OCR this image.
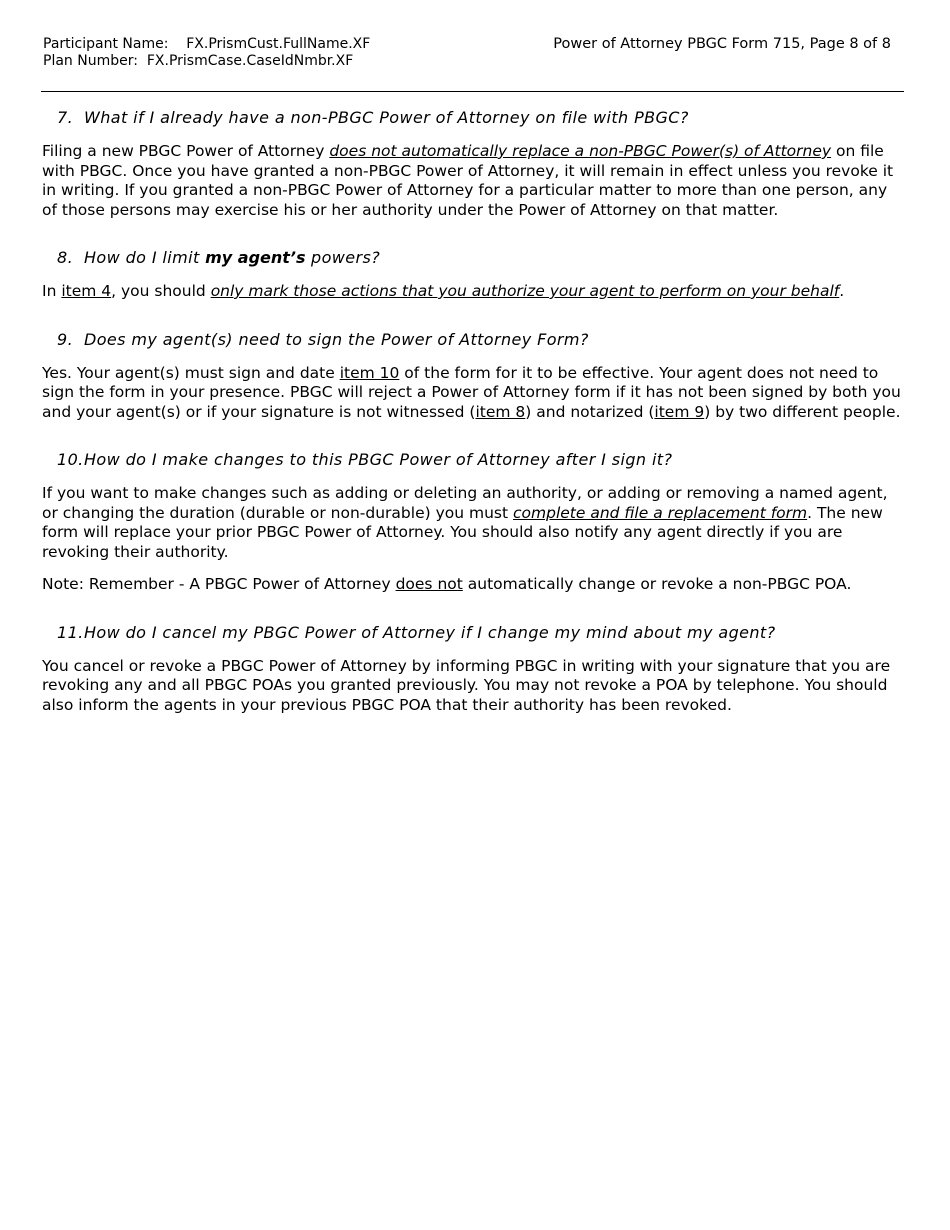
Participant Name: FX.PrismCust.FullName.XF
Plan Number: FX.PrismCase.CaseIdNmbr.XF
Power of Attorney PBGC Form 715, Page 8 of 8
7. What if I already have a non-PBGC Power of Attorney on file with PBGC?
Filing a new PBGC Power of Attorney does not automatically replace a non-PBGC Power(s) of Attorney on file with PBGC. Once you have granted a non-PBGC Power of Attorney, it will remain in effect unless you revoke it in writing. If you granted a non-PBGC Power of Attorney for a particular matter to more than one person, any of those persons may exercise his or her authority under the Power of Attorney on that matter.
8. How do I limit my agent’s powers?
In item 4, you should only mark those actions that you authorize your agent to perform on your behalf.
9. Does my agent(s) need to sign the Power of Attorney Form?
Yes. Your agent(s) must sign and date item 10 of the form for it to be effective. Your agent does not need to sign the form in your presence. PBGC will reject a Power of Attorney form if it has not been signed by both you and your agent(s) or if your signature is not witnessed (item 8) and notarized (item 9) by two different people.
10.How do I make changes to this PBGC Power of Attorney after I sign it?
If you want to make changes such as adding or deleting an authority, or adding or removing a named agent, or changing the duration (durable or non-durable) you must complete and file a replacement form. The new form will replace your prior PBGC Power of Attorney. You should also notify any agent directly if you are revoking their authority.
Note: Remember - A PBGC Power of Attorney does not automatically change or revoke a non-PBGC POA.
11.How do I cancel my PBGC Power of Attorney if I change my mind about my agent?
You cancel or revoke a PBGC Power of Attorney by informing PBGC in writing with your signature that you are revoking any and all PBGC POAs you granted previously. You may not revoke a POA by telephone. You should also inform the agents in your previous PBGC POA that their authority has been revoked.
